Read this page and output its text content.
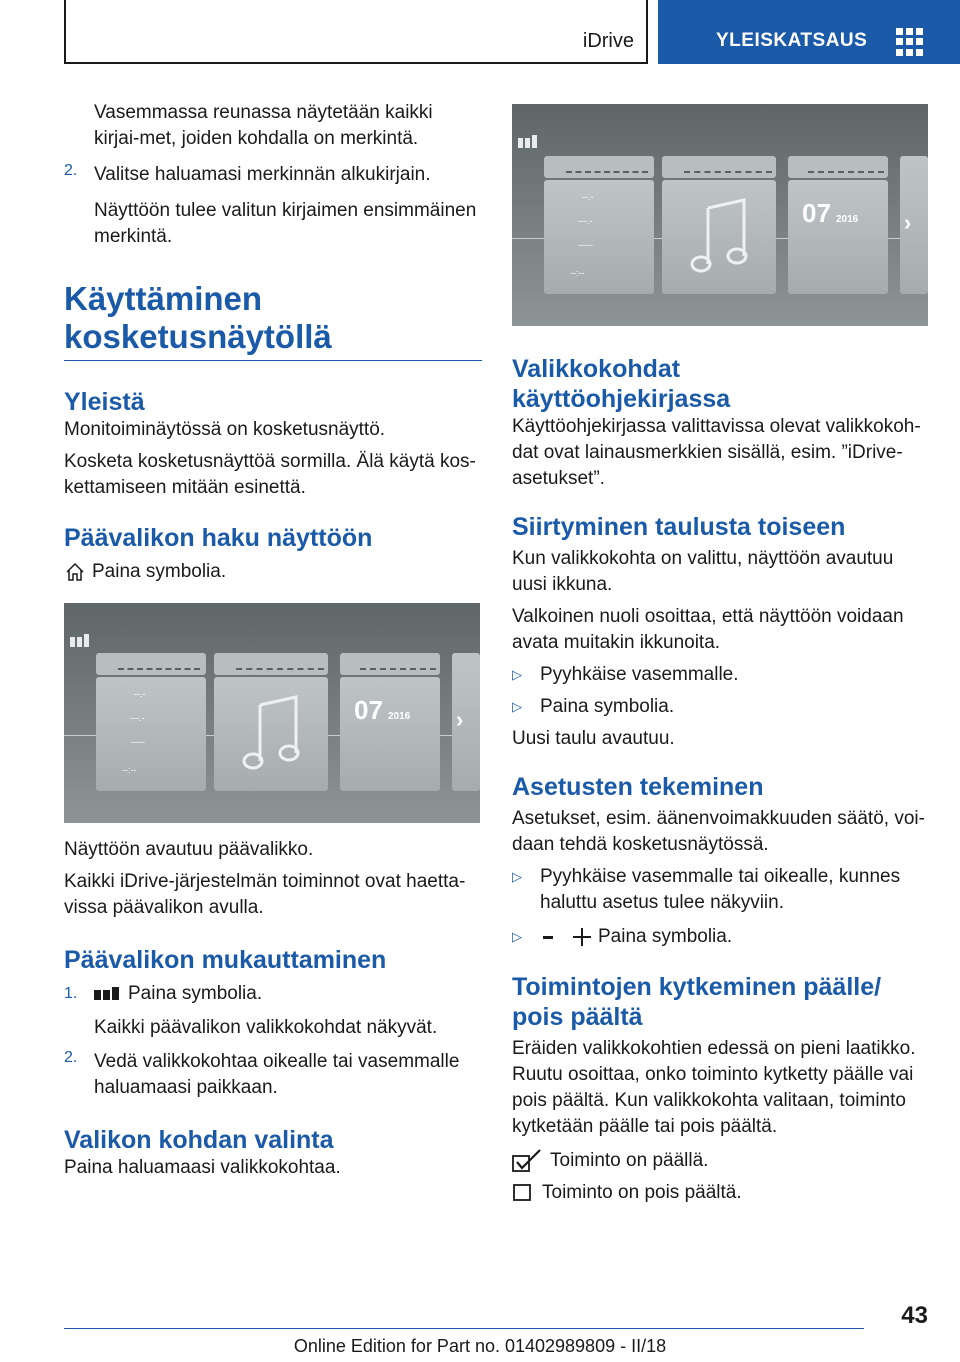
iDrive	YLEISKATSAUS

Vasemmassa reunassa näytetään kaikki kirjai‐met, joiden kohdalla on merkintä.

2. Valitse haluamasi merkinnän alkukirjain.

Näyttöön tulee valitun kirjaimen ensimmäinen merkintä.

Käyttäminen
kosketusnäytöllä
Yleistä

Monitoiminäytössä on kosketusnäyttö.

Kosketa kosketusnäyttöä sormilla. Älä käytä kos‐kettamiseen mitään esinettä.

Päävalikon haku näyttöön

Paina symbolia.

--.-
---.-
-----
--:--
07 2016 ›

Näyttöön avautuu päävalikko.

Kaikki iDrive-järjestelmän toiminnot ovat haetta‐vissa päävalikon avulla.

Päävalikon mukauttaminen
1.	Paina symbolia.

Kaikki päävalikon valikkokohdat näkyvät.

2. Vedä valikkokohtaa oikealle tai vasemmalle haluamaasi paikkaan.

Valikon kohdan valinta

Paina haluamaasi valikkokohtaa.

--.-
---.-
-----
--:--
07 2016 ›
Valikkokohdat
käyttöohjekirjassa

Käyttöohjekirjassa valittavissa olevat valikkokoh‐dat ovat lainausmerkkien sisällä, esim. ”iDrive-asetukset”.

Siirtyminen taulusta toiseen

Kun valikkokohta on valittu, näyttöön avautuu uusi ikkuna.

Valkoinen nuoli osoittaa, että näyttöön voidaan avata muitakin ikkunoita.

▷ Pyyhkäise vasemmalle.

▷ Paina symbolia.

Uusi taulu avautuu.

Asetusten tekeminen

Asetukset, esim. äänenvoimakkuuden säätö, voi‐daan tehdä kosketusnäytössä.

▷ Pyyhkäise vasemmalle tai oikealle, kunnes haluttu asetus tulee näkyviin.

▷	Paina symbolia.

Toimintojen kytkeminen päälle/
pois päältä

Eräiden valikkokohtien edessä on pieni laatikko. Ruutu osoittaa, onko toiminto kytketty päälle vai pois päältä. Kun valikkokohta valitaan, toiminto kytketään päälle tai pois päältä.

Toiminto on päällä.

Toiminto on pois päältä.

43
Online Edition for Part no. 01402989809 - II/18
